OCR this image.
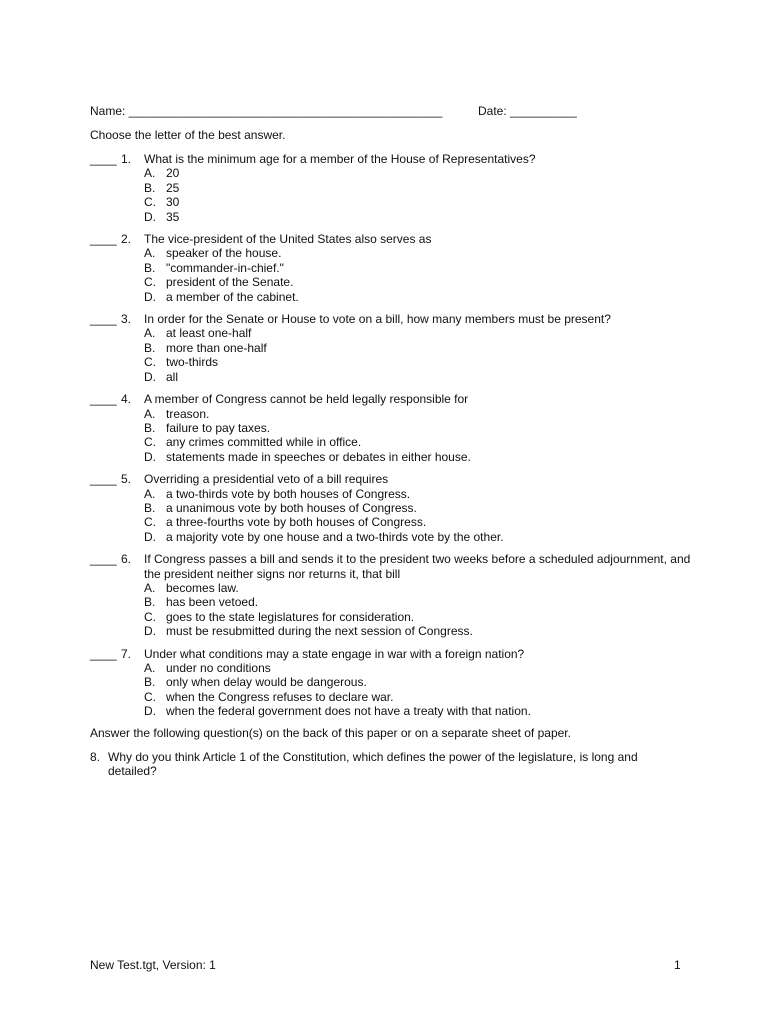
Name: _______________________________________________	Date: __________
Choose the letter of the best answer.
____ 1. What is the minimum age for a member of the House of Representatives?
A. 20
B. 25
C. 30
D. 35
____ 2. The vice-president of the United States also serves as
A. speaker of the house.
B. "commander-in-chief."
C. president of the Senate.
D. a member of the cabinet.
____ 3. In order for the Senate or House to vote on a bill, how many members must be present?
A. at least one-half
B. more than one-half
C. two-thirds
D. all
____ 4. A member of Congress cannot be held legally responsible for
A. treason.
B. failure to pay taxes.
C. any crimes committed while in office.
D. statements made in speeches or debates in either house.
____ 5. Overriding a presidential veto of a bill requires
A. a two-thirds vote by both houses of Congress.
B. a unanimous vote by both houses of Congress.
C. a three-fourths vote by both houses of Congress.
D. a majority vote by one house and a two-thirds vote by the other.
____ 6. If Congress passes a bill and sends it to the president two weeks before a scheduled adjournment, and the president neither signs nor returns it, that bill
A. becomes law.
B. has been vetoed.
C. goes to the state legislatures for consideration.
D. must be resubmitted during the next session of Congress.
____ 7. Under what conditions may a state engage in war with a foreign nation?
A. under no conditions
B. only when delay would be dangerous.
C. when the Congress refuses to declare war.
D. when the federal government does not have a treaty with that nation.
Answer the following question(s) on the back of this paper or on a separate sheet of paper.
8. Why do you think Article 1 of the Constitution, which defines the power of the legislature, is long and detailed?
New Test.tgt, Version: 1	1
